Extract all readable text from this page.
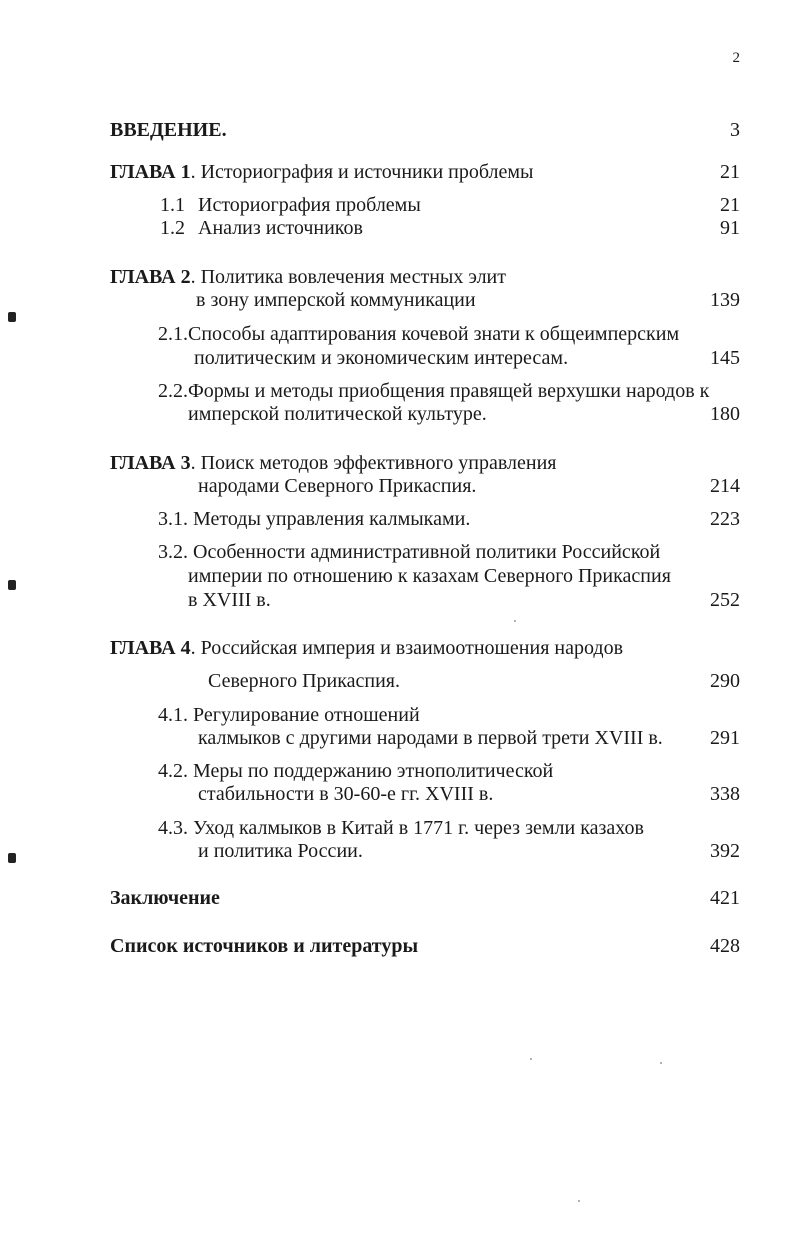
2
ВВЕДЕНИЕ.	3
ГЛАВА 1. Историография и источники проблемы	21
1.1 Историография проблемы	21
1.2 Анализ источников	91
ГЛАВА 2. Политика вовлечения местных элит
в зону имперской коммуникации	139
2.1.Способы адаптирования кочевой знати к общеимперским
политическим и экономическим интересам.	145
2.2.Формы и методы приобщения правящей верхушки народов к
имперской политической культуре.	180
ГЛАВА 3. Поиск методов эффективного управления
народами Северного Прикаспия.	214
3.1. Методы управления калмыками.	223
3.2. Особенности административной политики Российской
империи по отношению к казахам Северного Прикаспия
в XVIII в.	252
ГЛАВА 4. Российская империя и взаимоотношения народов
Северного Прикаспия.	290
4.1. Регулирование отношений
калмыков с другими народами в первой трети XVIII в. 291
4.2. Меры по поддержанию этнополитической
стабильности в 30-60-е гг. XVIII в.	338
4.3. Уход калмыков в Китай в 1771 г. через земли казахов
и политика России.	392
Заключение	421
Список источников и литературы	428
